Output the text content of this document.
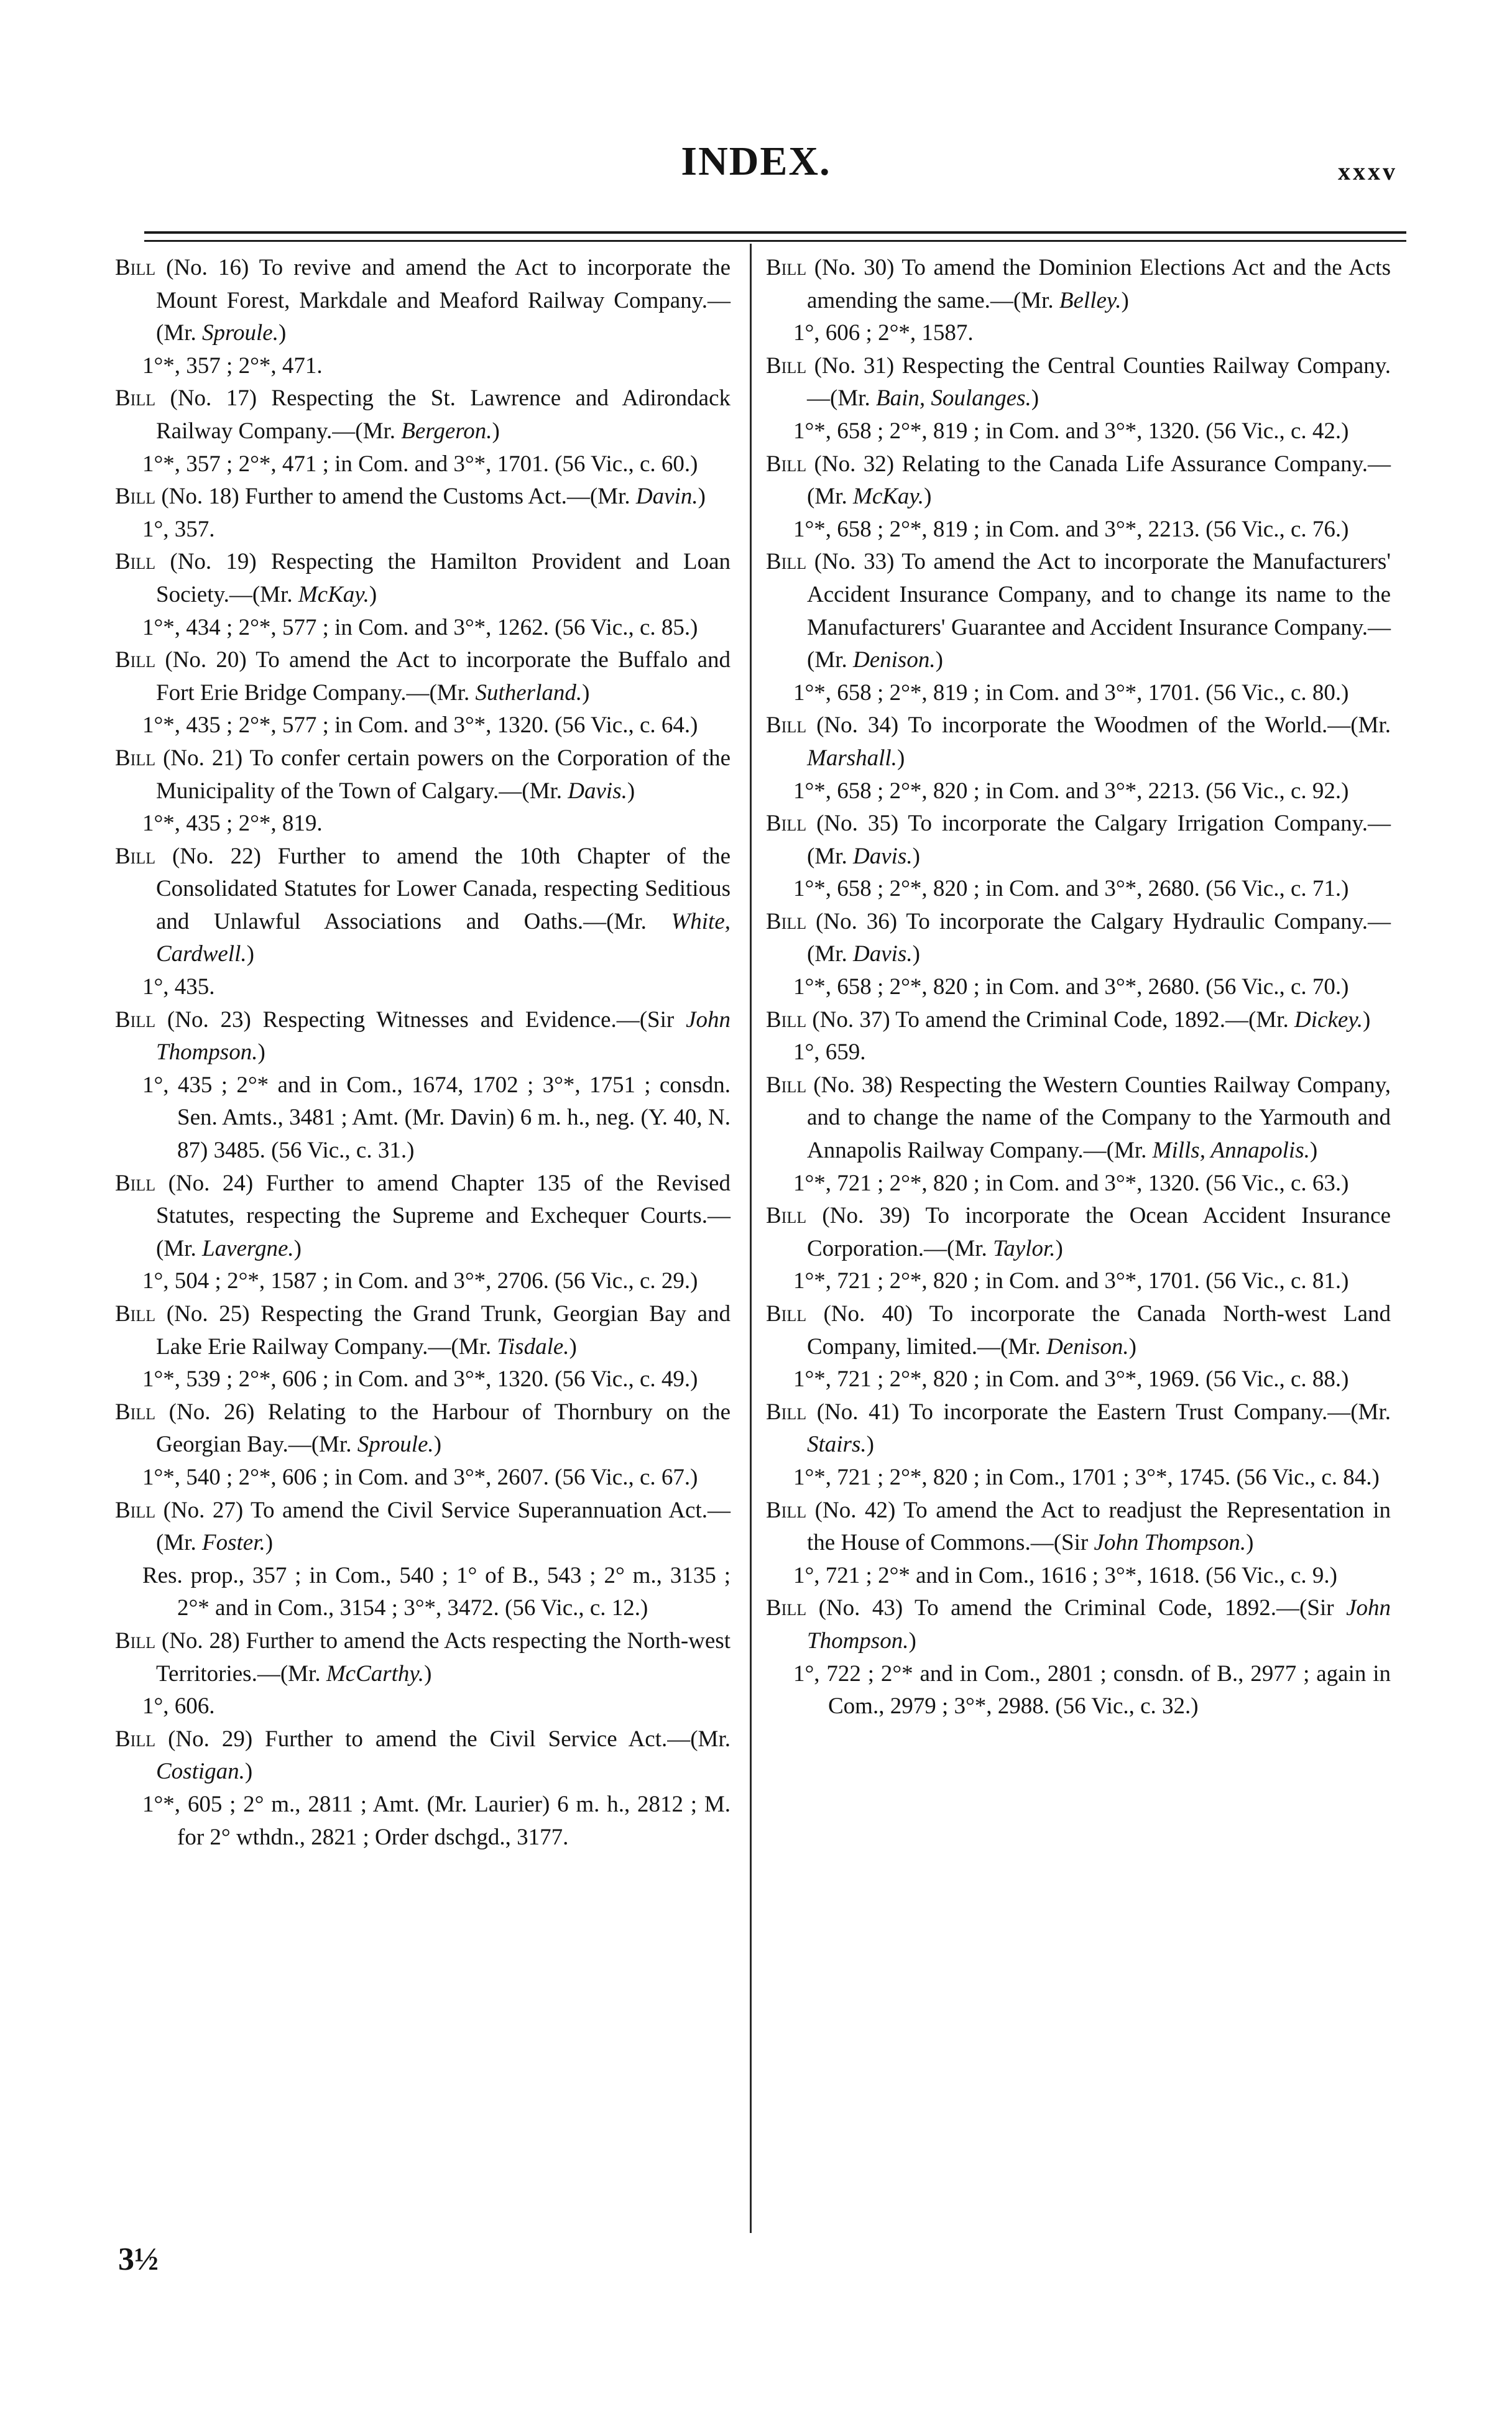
INDEX.	xxxv
Bill (No. 16) To revive and amend the Act to incorporate the Mount Forest, Markdale and Meaford Railway Company.—(Mr. Sproule.)
1°*, 357 ; 2°*, 471.
Bill (No. 17) Respecting the St. Lawrence and Adirondack Railway Company.—(Mr. Bergeron.)
1°*, 357 ; 2°*, 471 ; in Com. and 3°*, 1701. (56 Vic., c. 60.)
Bill (No. 18) Further to amend the Customs Act.—(Mr. Davin.)
1°, 357.
Bill (No. 19) Respecting the Hamilton Provident and Loan Society.—(Mr. McKay.)
1°*, 434 ; 2°*, 577 ; in Com. and 3°*, 1262. (56 Vic., c. 85.)
Bill (No. 20) To amend the Act to incorporate the Buffalo and Fort Erie Bridge Company.—(Mr. Sutherland.)
1°*, 435 ; 2°*, 577 ; in Com. and 3°*, 1320. (56 Vic., c. 64.)
Bill (No. 21) To confer certain powers on the Corporation of the Municipality of the Town of Calgary.—(Mr. Davis.)
1°*, 435 ; 2°*, 819.
Bill (No. 22) Further to amend the 10th Chapter of the Consolidated Statutes for Lower Canada, respecting Seditious and Unlawful Associations and Oaths.—(Mr. White, Cardwell.)
1°, 435.
Bill (No. 23) Respecting Witnesses and Evidence.—(Sir John Thompson.)
1°, 435 ; 2°* and in Com., 1674, 1702 ; 3°*, 1751 ; consdn. Sen. Amts., 3481 ; Amt. (Mr. Davin) 6 m. h., neg. (Y. 40, N. 87) 3485. (56 Vic., c. 31.)
Bill (No. 24) Further to amend Chapter 135 of the Revised Statutes, respecting the Supreme and Exchequer Courts.—(Mr. Lavergne.)
1°, 504 ; 2°*, 1587 ; in Com. and 3°*, 2706. (56 Vic., c. 29.)
Bill (No. 25) Respecting the Grand Trunk, Georgian Bay and Lake Erie Railway Company.—(Mr. Tisdale.)
1°*, 539 ; 2°*, 606 ; in Com. and 3°*, 1320. (56 Vic., c. 49.)
Bill (No. 26) Relating to the Harbour of Thornbury on the Georgian Bay.—(Mr. Sproule.)
1°*, 540 ; 2°*, 606 ; in Com. and 3°*, 2607. (56 Vic., c. 67.)
Bill (No. 27) To amend the Civil Service Superannuation Act.—(Mr. Foster.)
Res. prop., 357 ; in Com., 540 ; 1° of B., 543 ; 2° m., 3135 ; 2°* and in Com., 3154 ; 3°*, 3472. (56 Vic., c. 12.)
Bill (No. 28) Further to amend the Acts respecting the North-west Territories.—(Mr. McCarthy.)
1°, 606.
Bill (No. 29) Further to amend the Civil Service Act.—(Mr. Costigan.)
1°*, 605 ; 2° m., 2811 ; Amt. (Mr. Laurier) 6 m. h., 2812 ; M. for 2° wthdn., 2821 ; Order dschgd., 3177.
Bill (No. 30) To amend the Dominion Elections Act and the Acts amending the same.—(Mr. Belley.)
1°, 606 ; 2°*, 1587.
Bill (No. 31) Respecting the Central Counties Railway Company.—(Mr. Bain, Soulanges.)
1°*, 658 ; 2°*, 819 ; in Com. and 3°*, 1320. (56 Vic., c. 42.)
Bill (No. 32) Relating to the Canada Life Assurance Company.—(Mr. McKay.)
1°*, 658 ; 2°*, 819 ; in Com. and 3°*, 2213. (56 Vic., c. 76.)
Bill (No. 33) To amend the Act to incorporate the Manufacturers' Accident Insurance Company, and to change its name to the Manufacturers' Guarantee and Accident Insurance Company.—(Mr. Denison.)
1°*, 658 ; 2°*, 819 ; in Com. and 3°*, 1701. (56 Vic., c. 80.)
Bill (No. 34) To incorporate the Woodmen of the World.—(Mr. Marshall.)
1°*, 658 ; 2°*, 820 ; in Com. and 3°*, 2213. (56 Vic., c. 92.)
Bill (No. 35) To incorporate the Calgary Irrigation Company.—(Mr. Davis.)
1°*, 658 ; 2°*, 820 ; in Com. and 3°*, 2680. (56 Vic., c. 71.)
Bill (No. 36) To incorporate the Calgary Hydraulic Company.—(Mr. Davis.)
1°*, 658 ; 2°*, 820 ; in Com. and 3°*, 2680. (56 Vic., c. 70.)
Bill (No. 37) To amend the Criminal Code, 1892.—(Mr. Dickey.)
1°, 659.
Bill (No. 38) Respecting the Western Counties Railway Company, and to change the name of the Company to the Yarmouth and Annapolis Railway Company.—(Mr. Mills, Annapolis.)
1°*, 721 ; 2°*, 820 ; in Com. and 3°*, 1320. (56 Vic., c. 63.)
Bill (No. 39) To incorporate the Ocean Accident Insurance Corporation.—(Mr. Taylor.)
1°*, 721 ; 2°*, 820 ; in Com. and 3°*, 1701. (56 Vic., c. 81.)
Bill (No. 40) To incorporate the Canada North-west Land Company, limited.—(Mr. Denison.)
1°*, 721 ; 2°*, 820 ; in Com. and 3°*, 1969. (56 Vic., c. 88.)
Bill (No. 41) To incorporate the Eastern Trust Company.—(Mr. Stairs.)
1°*, 721 ; 2°*, 820 ; in Com., 1701 ; 3°*, 1745. (56 Vic., c. 84.)
Bill (No. 42) To amend the Act to readjust the Representation in the House of Commons.—(Sir John Thompson.)
1°, 721 ; 2°* and in Com., 1616 ; 3°*, 1618. (56 Vic., c. 9.)
Bill (No. 43) To amend the Criminal Code, 1892.—(Sir John Thompson.)
1°, 722 ; 2°* and in Com., 2801 ; consdn. of B., 2977 ; again in Com., 2979 ; 3°*, 2988. (56 Vic., c. 32.)
3½
